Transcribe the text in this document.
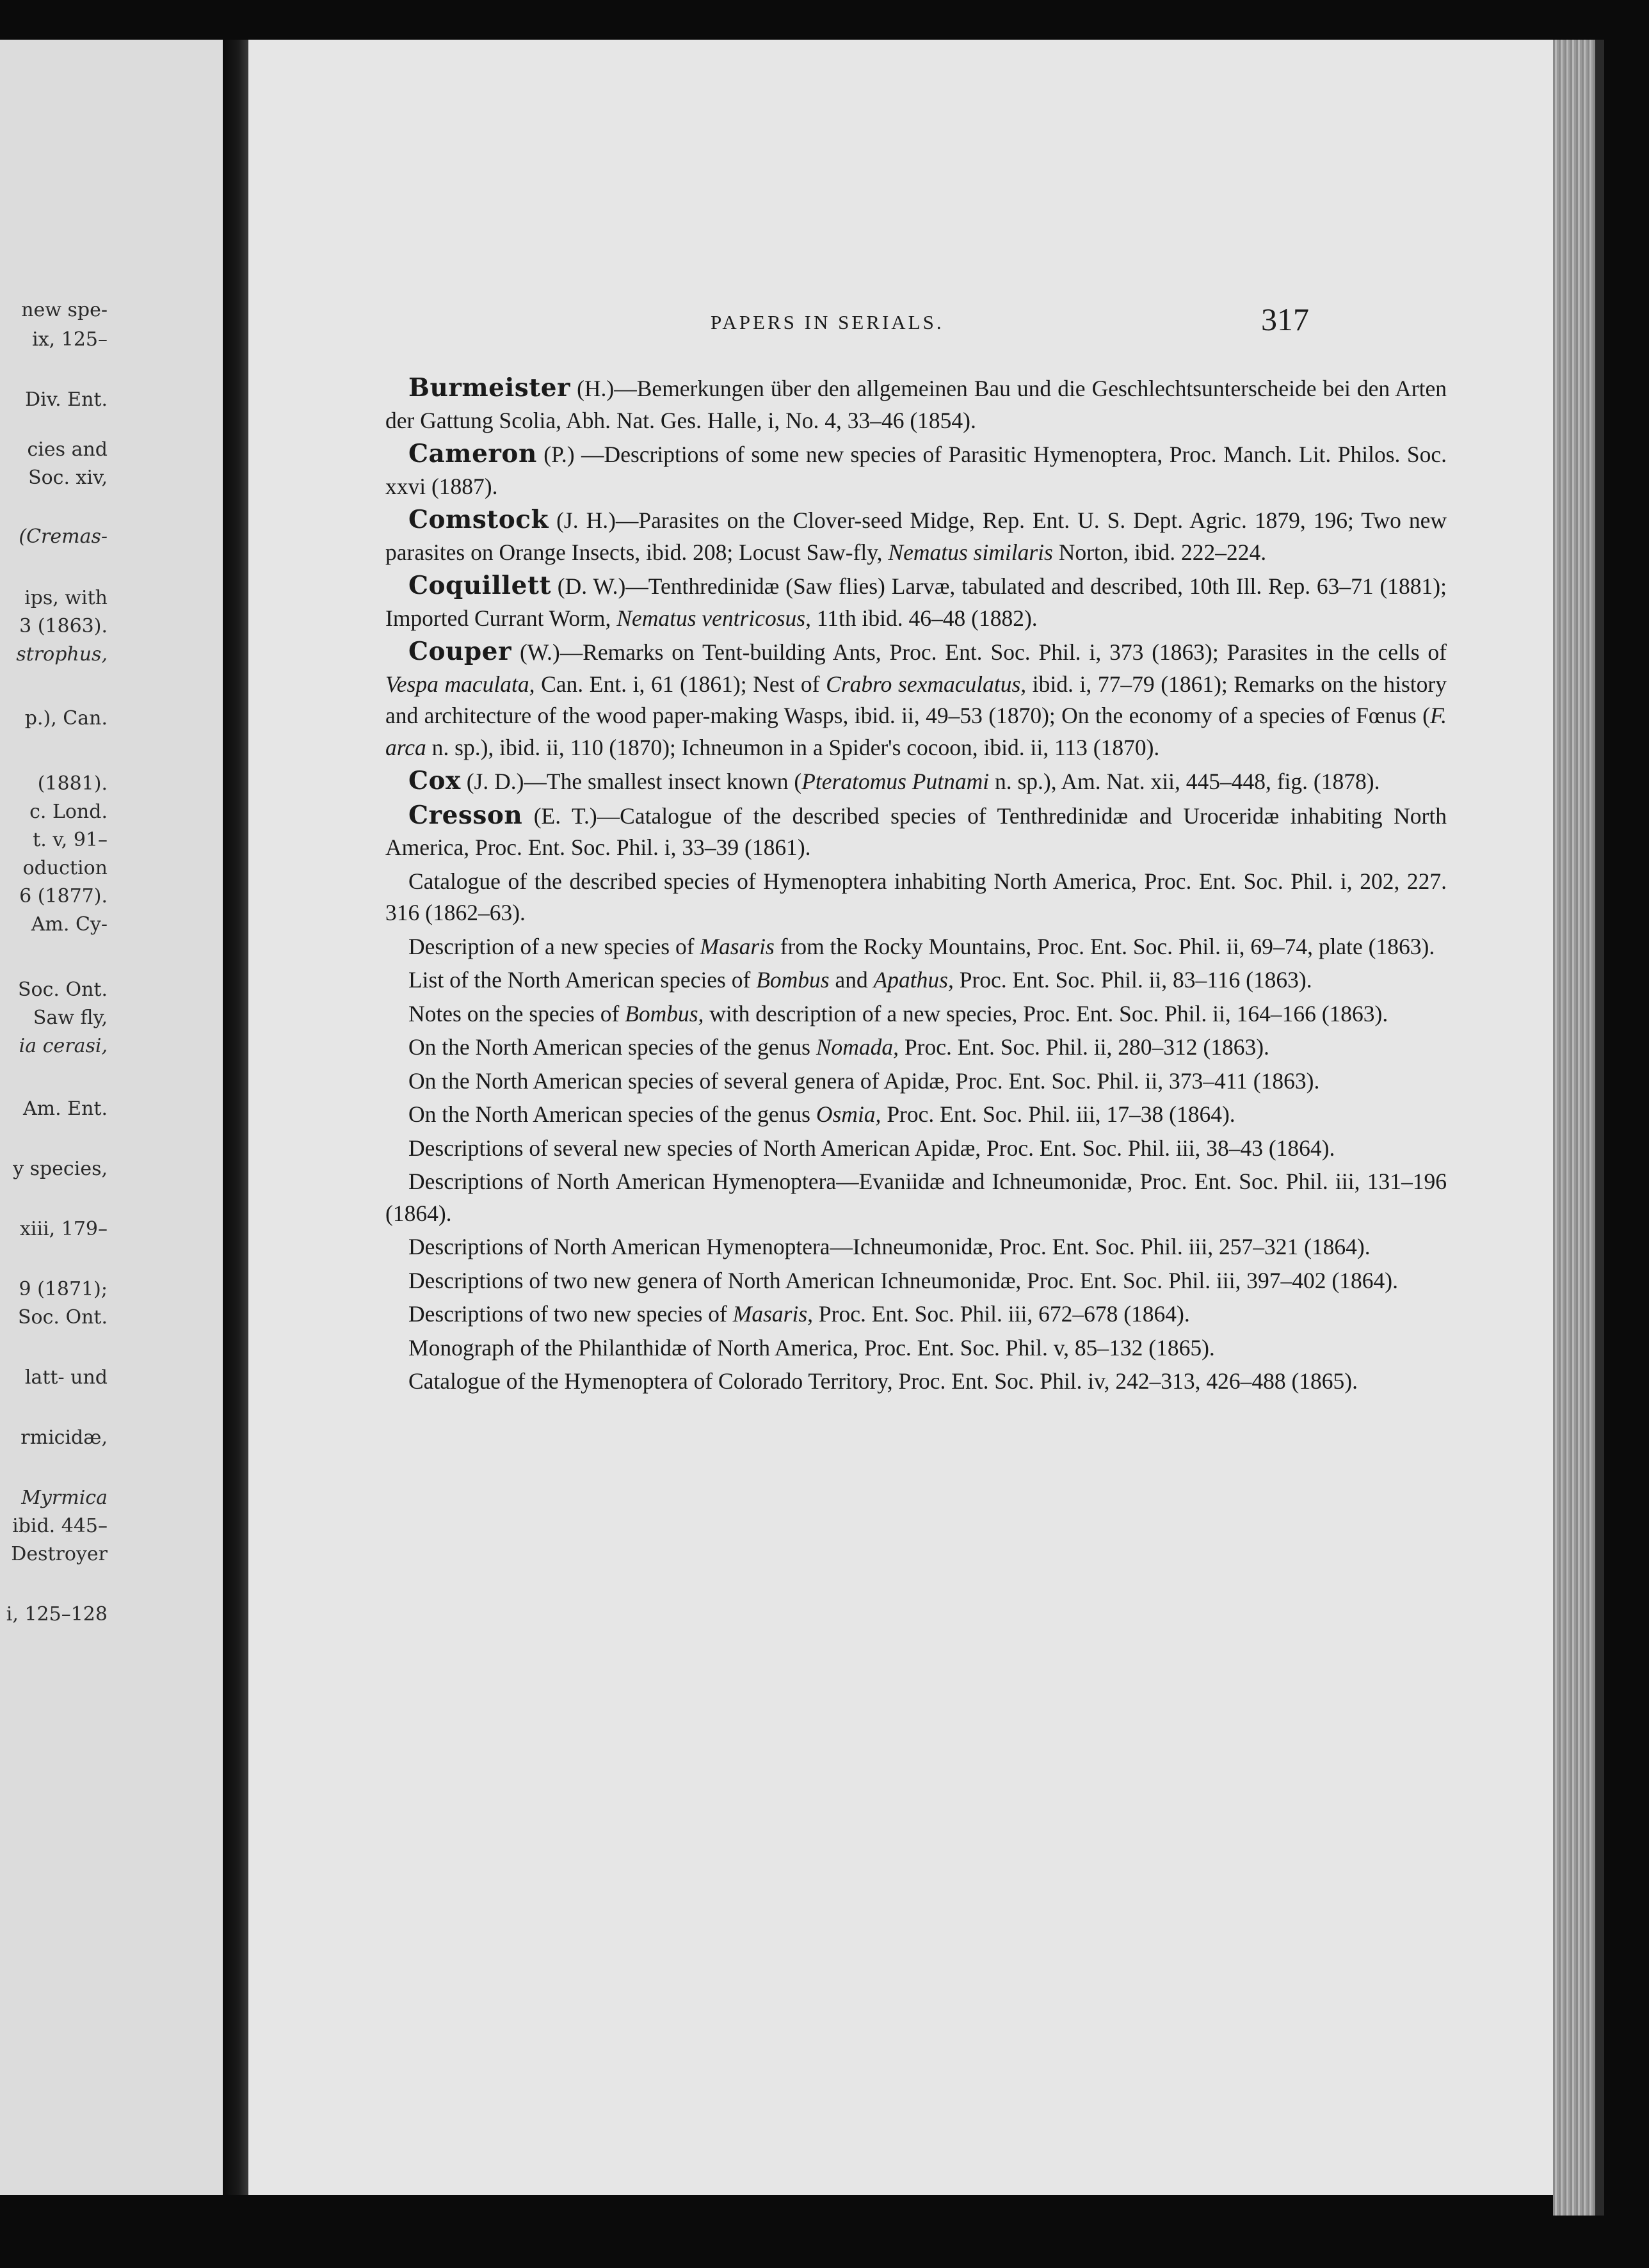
new spe-
ix, 125–
Div. Ent.
cies and
Soc. xiv,
(Cremas-
ips, with
3 (1863).
strophus,
p.), Can.
(1881).
c. Lond.
t. v, 91–
oduction
6 (1877).
Am. Cy-
Soc. Ont.
Saw fly,
ia cerasi,
Am. Ent.
y species,
xiii, 179–
9 (1871);
Soc. Ont.
latt- und
rmicidæ,
Myrmica
ibid. 445–
Destroyer
i, 125–128
PAPERS IN SERIALS.	317

Burmeister (H.)—Bemerkungen über den allgemeinen Bau und die Geschlechtsunterscheide bei den Arten der Gattung Scolia, Abh. Nat. Ges. Halle, i, No. 4, 33–46 (1854).

Cameron (P.) —Descriptions of some new species of Parasitic Hymenoptera, Proc. Manch. Lit. Philos. Soc. xxvi (1887).

Comstock (J. H.)—Parasites on the Clover-seed Midge, Rep. Ent. U. S. Dept. Agric. 1879, 196; Two new parasites on Orange Insects, ibid. 208; Locust Saw-fly, Nematus similaris Norton, ibid. 222–224.

Coquillett (D. W.)—Tenthredinidæ (Saw flies) Larvæ, tabulated and described, 10th Ill. Rep. 63–71 (1881); Imported Currant Worm, Nematus ventricosus, 11th ibid. 46–48 (1882).

Couper (W.)—Remarks on Tent-building Ants, Proc. Ent. Soc. Phil. i, 373 (1863); Parasites in the cells of Vespa maculata, Can. Ent. i, 61 (1861); Nest of Crabro sexmaculatus, ibid. i, 77–79 (1861); Remarks on the history and architecture of the wood paper-making Wasps, ibid. ii, 49–53 (1870); On the economy of a species of Fœnus (F. arca n. sp.), ibid. ii, 110 (1870); Ichneumon in a Spider's cocoon, ibid. ii, 113 (1870).

Cox (J. D.)—The smallest insect known (Pteratomus Putnami n. sp.), Am. Nat. xii, 445–448, fig. (1878).

Cresson (E. T.)—Catalogue of the described species of Tenthredinidæ and Uroceridæ inhabiting North America, Proc. Ent. Soc. Phil. i, 33–39 (1861).

Catalogue of the described species of Hymenoptera inhabiting North America, Proc. Ent. Soc. Phil. i, 202, 227. 316 (1862–63).

Description of a new species of Masaris from the Rocky Mountains, Proc. Ent. Soc. Phil. ii, 69–74, plate (1863).

List of the North American species of Bombus and Apathus, Proc. Ent. Soc. Phil. ii, 83–116 (1863).

Notes on the species of Bombus, with description of a new species, Proc. Ent. Soc. Phil. ii, 164–166 (1863).

On the North American species of the genus Nomada, Proc. Ent. Soc. Phil. ii, 280–312 (1863).

On the North American species of several genera of Apidæ, Proc. Ent. Soc. Phil. ii, 373–411 (1863).

On the North American species of the genus Osmia, Proc. Ent. Soc. Phil. iii, 17–38 (1864).

Descriptions of several new species of North American Apidæ, Proc. Ent. Soc. Phil. iii, 38–43 (1864).

Descriptions of North American Hymenoptera—Evaniidæ and Ichneumonidæ, Proc. Ent. Soc. Phil. iii, 131–196 (1864).

Descriptions of North American Hymenoptera—Ichneumonidæ, Proc. Ent. Soc. Phil. iii, 257–321 (1864).

Descriptions of two new genera of North American Ichneumonidæ, Proc. Ent. Soc. Phil. iii, 397–402 (1864).

Descriptions of two new species of Masaris, Proc. Ent. Soc. Phil. iii, 672–678 (1864).

Monograph of the Philanthidæ of North America, Proc. Ent. Soc. Phil. v, 85–132 (1865).

Catalogue of the Hymenoptera of Colorado Territory, Proc. Ent. Soc. Phil. iv, 242–313, 426–488 (1865).
